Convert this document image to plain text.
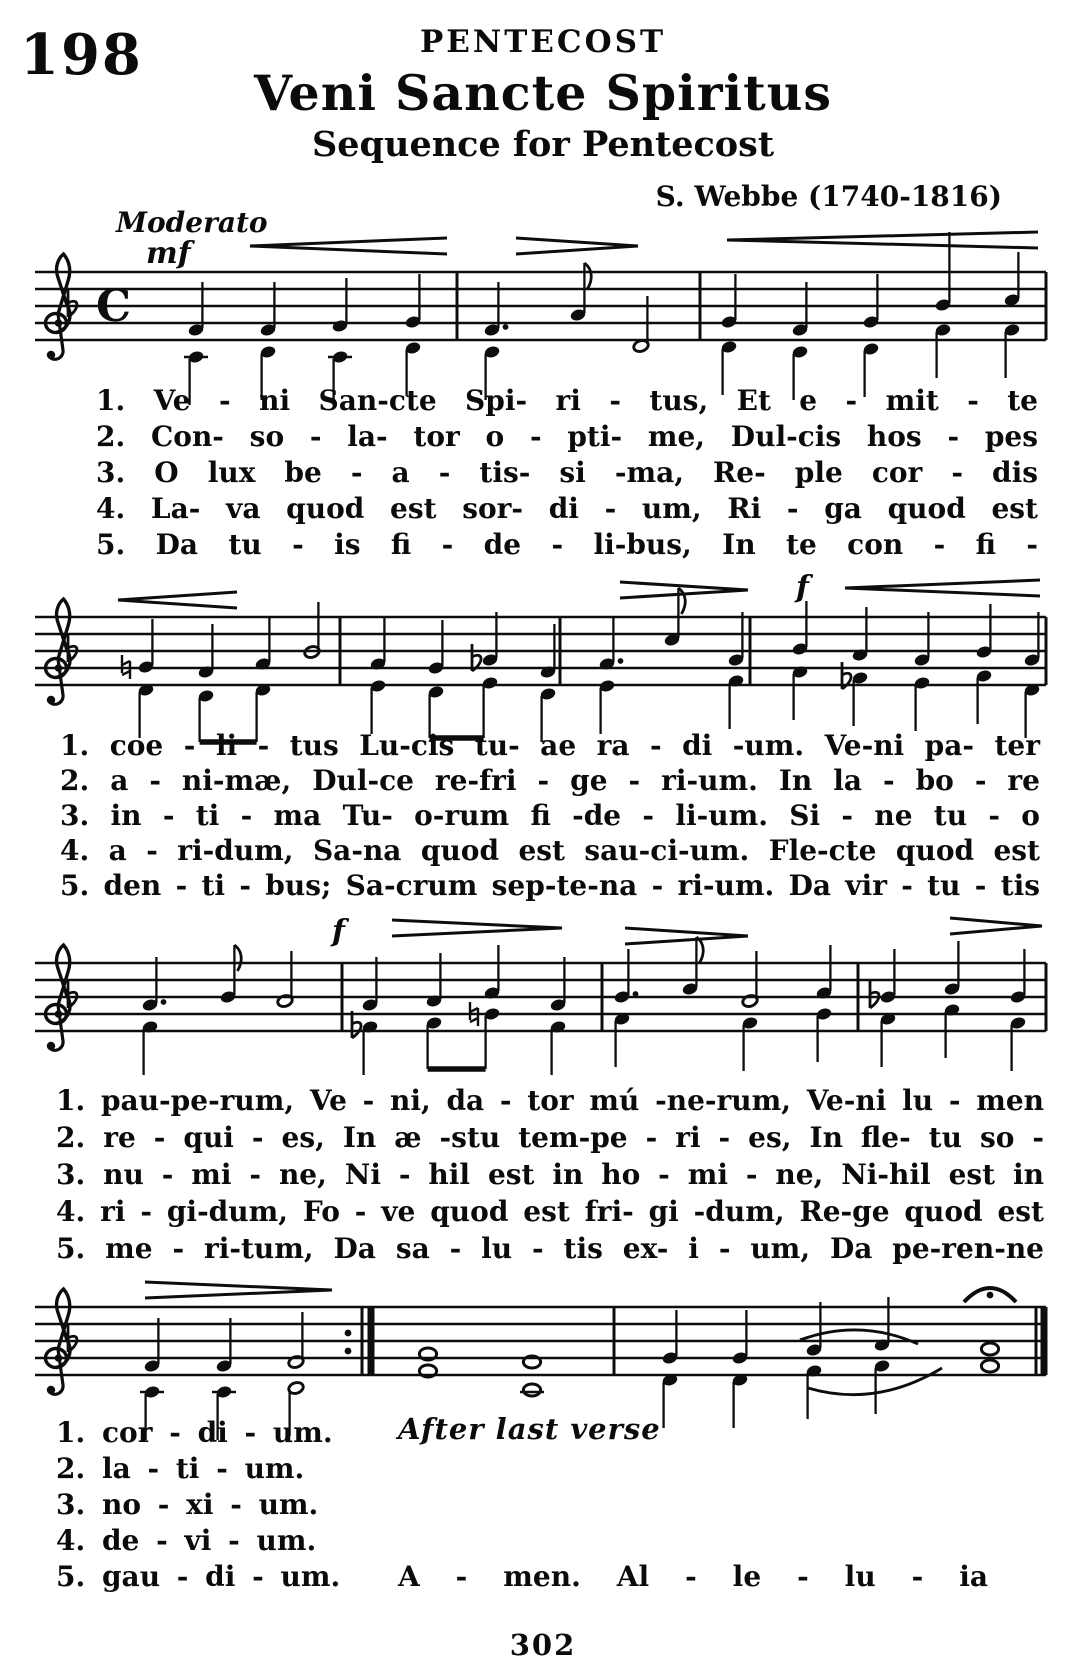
C
198	PENTECOST
Veni Sancte Spiritus
Sequence for Pentecost
S. Webbe (1740-1816)
Moderato
mf
f
f
After last verse
1. Ve - ni San-cte Spi- ri - tus, Et e - mit - te
2. Con- so - la- tor o - pti- me, Dul-cis hos - pes
3. O lux be - a - tis- si -ma, Re- ple cor - dis
4. La- va quod est sor- di - um, Ri - ga quod est
5. Da tu - is fi - de - li-bus, In te con - fi -
1. coe - li - tus Lu-cis tu- ae ra - di -um. Ve-ni pa- ter
2. a - ni-mæ, Dul-ce re-fri - ge - ri-um. In la - bo - re
3. in - ti - ma Tu- o-rum fi -de - li-um. Si - ne tu - o
4. a - ri-dum, Sa-na quod est sau-ci-um. Fle-cte quod est
5. den - ti - bus; Sa-crum sep-te-na - ri-um. Da vir - tu - tis
1. pau-pe-rum, Ve - ni, da - tor mú -ne-rum, Ve-ni lu - men
2. re - qui - es, In æ -stu tem-pe - ri - es, In fle- tu so -
3. nu - mi - ne, Ni - hil est in ho - mi - ne, Ni-hil est in
4. ri - gi-dum, Fo - ve quod est fri- gi -dum, Re-ge quod est
5. me - ri-tum, Da sa - lu - tis ex- i - um, Da pe-ren-ne
1. cor - di - um.
2. la - ti - um.
3. no - xi - um.
4. de - vi - um.
5. gau - di - um. A - men. Al - le - lu - ia
302
